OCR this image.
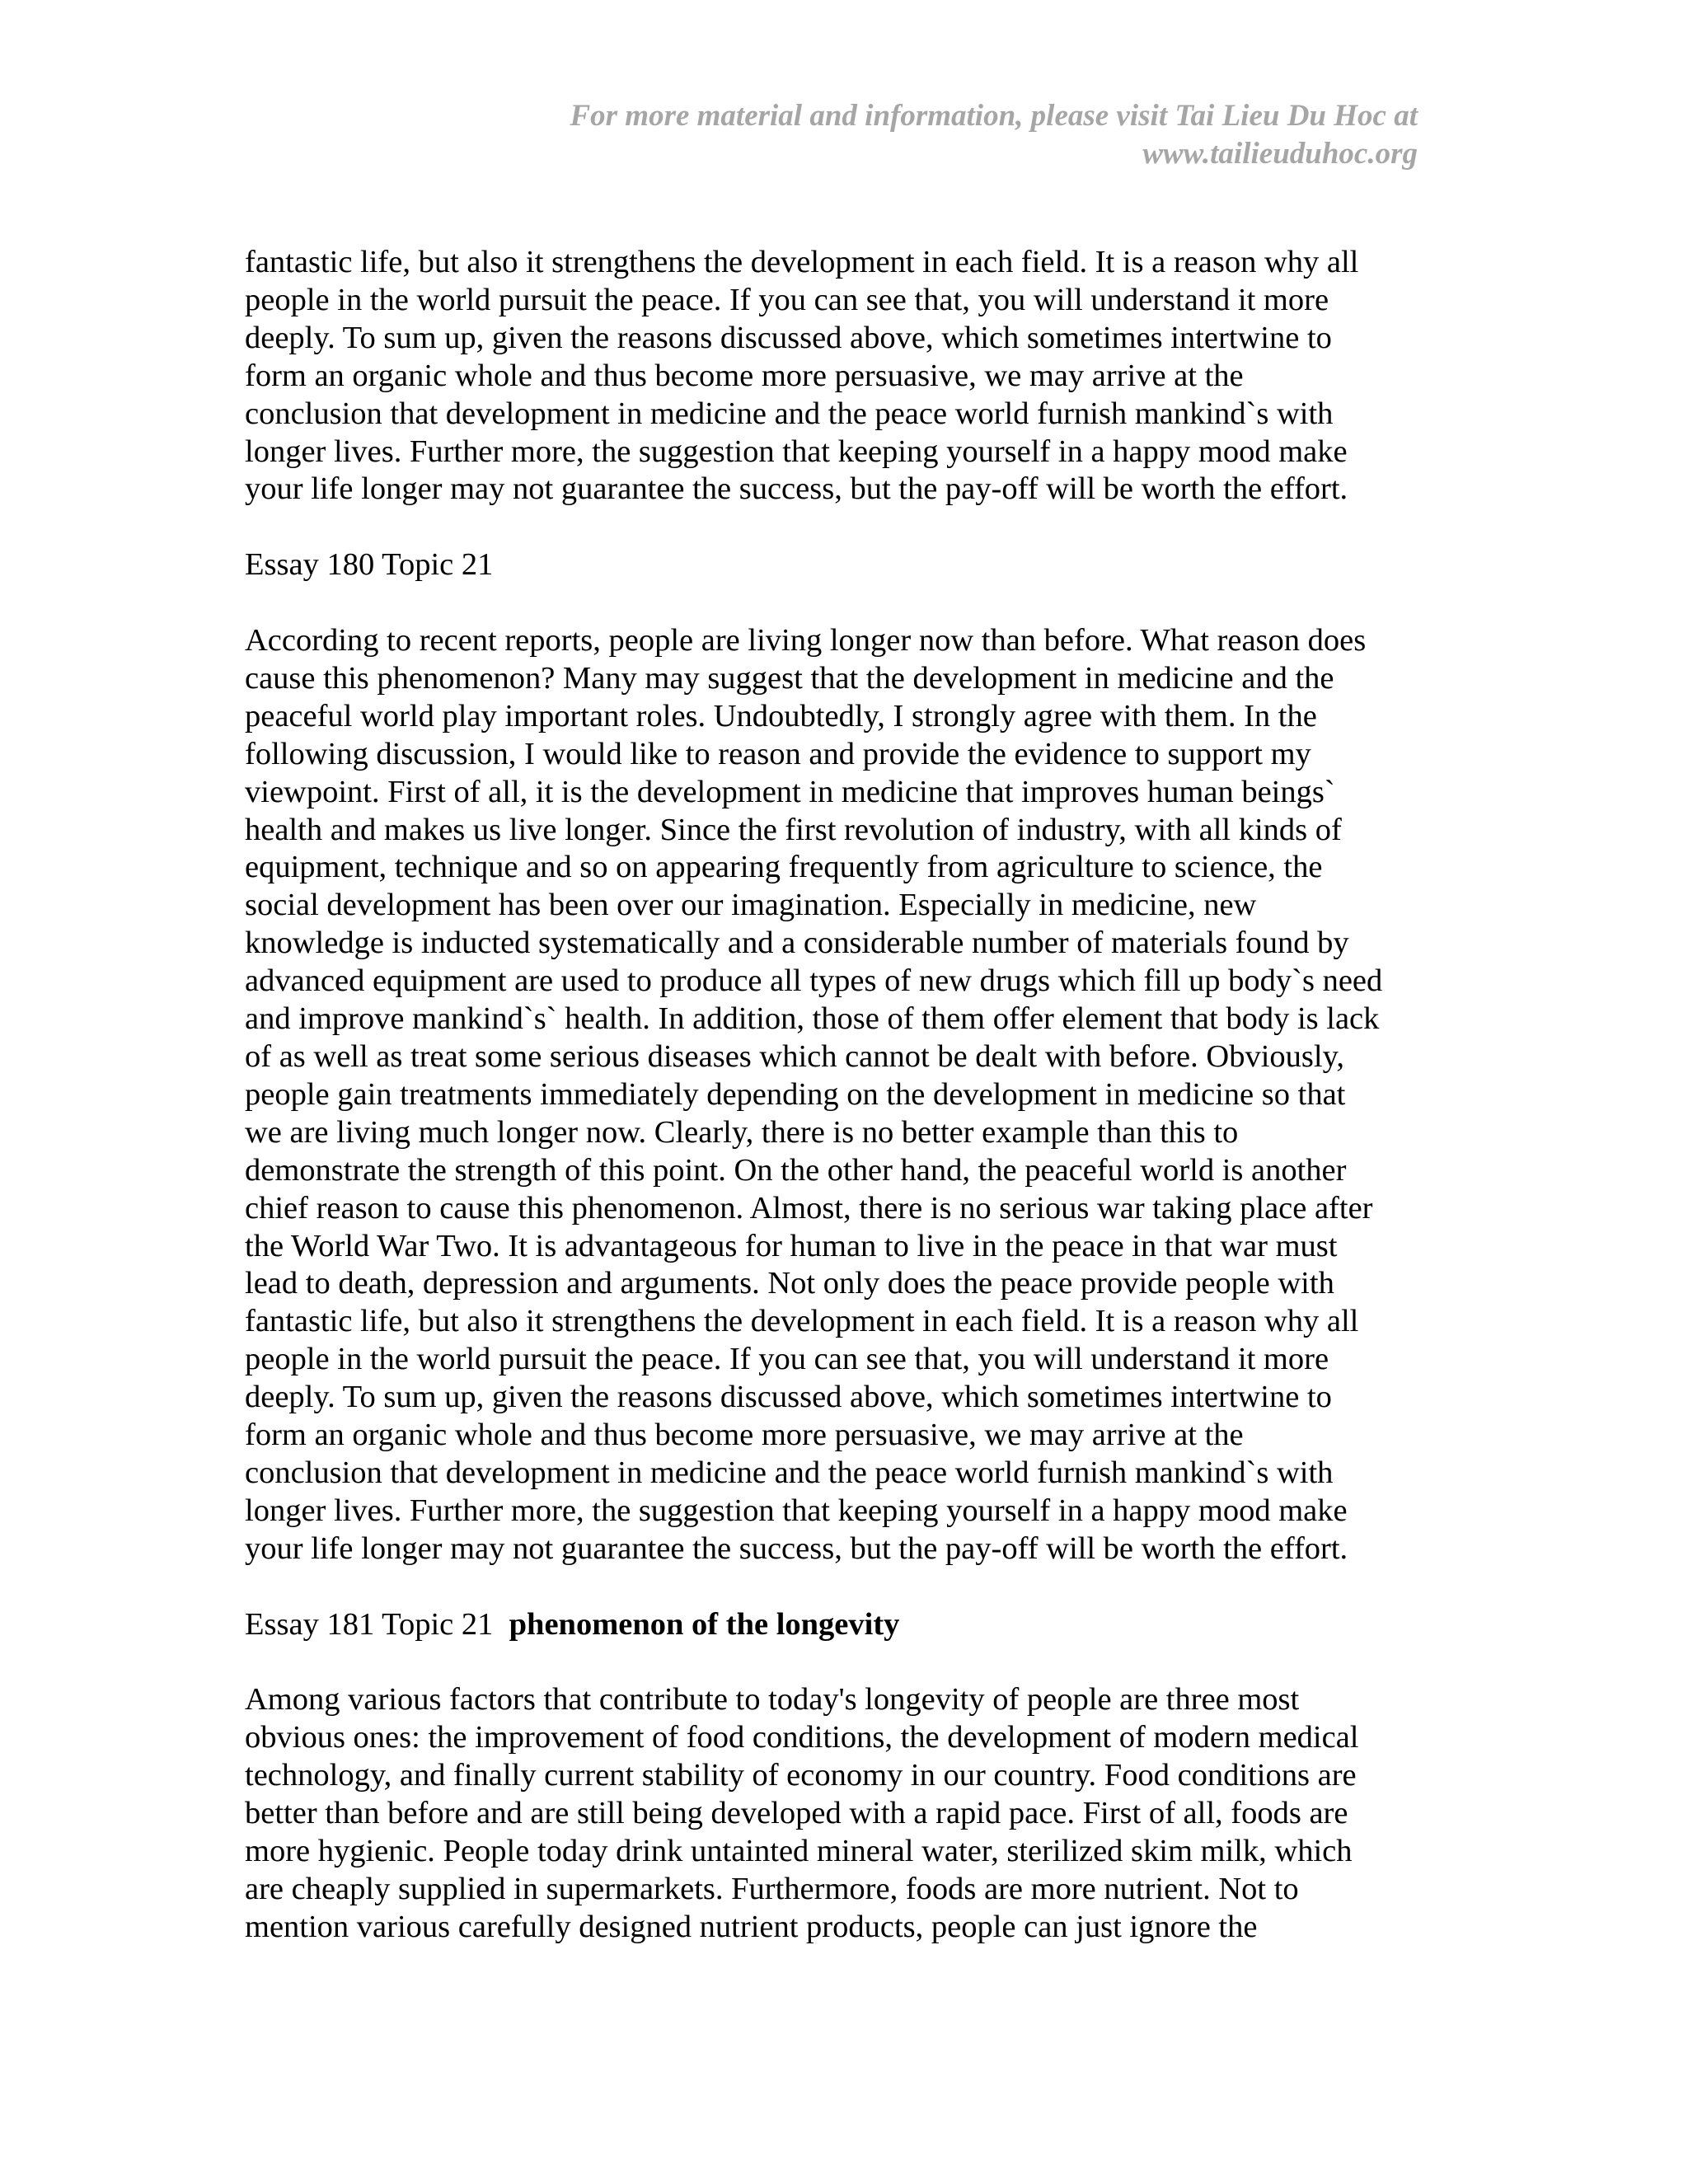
For more material and information, please visit Tai Lieu Du Hoc at
www.tailieuduhoc.org
fantastic life, but also it strengthens the development in each field. It is a reason why all
people in the world pursuit the peace. If you can see that, you will understand it more
deeply. To sum up, given the reasons discussed above, which sometimes intertwine to
form an organic whole and thus become more persuasive, we may arrive at the
conclusion that development in medicine and the peace world furnish mankind`s with
longer lives. Further more, the suggestion that keeping yourself in a happy mood make
your life longer may not guarantee the success, but the pay-off will be worth the effort.
Essay 180 Topic 21
According to recent reports, people are living longer now than before. What reason does
cause this phenomenon? Many may suggest that the development in medicine and the
peaceful world play important roles. Undoubtedly, I strongly agree with them. In the
following discussion, I would like to reason and provide the evidence to support my
viewpoint. First of all, it is the development in medicine that improves human beings`
health and makes us live longer. Since the first revolution of industry, with all kinds of
equipment, technique and so on appearing frequently from agriculture to science, the
social development has been over our imagination. Especially in medicine, new
knowledge is inducted systematically and a considerable number of materials found by
advanced equipment are used to produce all types of new drugs which fill up body`s need
and improve mankind`s` health. In addition, those of them offer element that body is lack
of as well as treat some serious diseases which cannot be dealt with before. Obviously,
people gain treatments immediately depending on the development in medicine so that
we are living much longer now. Clearly, there is no better example than this to
demonstrate the strength of this point. On the other hand, the peaceful world is another
chief reason to cause this phenomenon. Almost, there is no serious war taking place after
the World War Two. It is advantageous for human to live in the peace in that war must
lead to death, depression and arguments. Not only does the peace provide people with
fantastic life, but also it strengthens the development in each field. It is a reason why all
people in the world pursuit the peace. If you can see that, you will understand it more
deeply. To sum up, given the reasons discussed above, which sometimes intertwine to
form an organic whole and thus become more persuasive, we may arrive at the
conclusion that development in medicine and the peace world furnish mankind`s with
longer lives. Further more, the suggestion that keeping yourself in a happy mood make
your life longer may not guarantee the success, but the pay-off will be worth the effort.
Essay 181 Topic 21 phenomenon of the longevity
Among various factors that contribute to today's longevity of people are three most
obvious ones: the improvement of food conditions, the development of modern medical
technology, and finally current stability of economy in our country. Food conditions are
better than before and are still being developed with a rapid pace. First of all, foods are
more hygienic. People today drink untainted mineral water, sterilized skim milk, which
are cheaply supplied in supermarkets. Furthermore, foods are more nutrient. Not to
mention various carefully designed nutrient products, people can just ignore the
